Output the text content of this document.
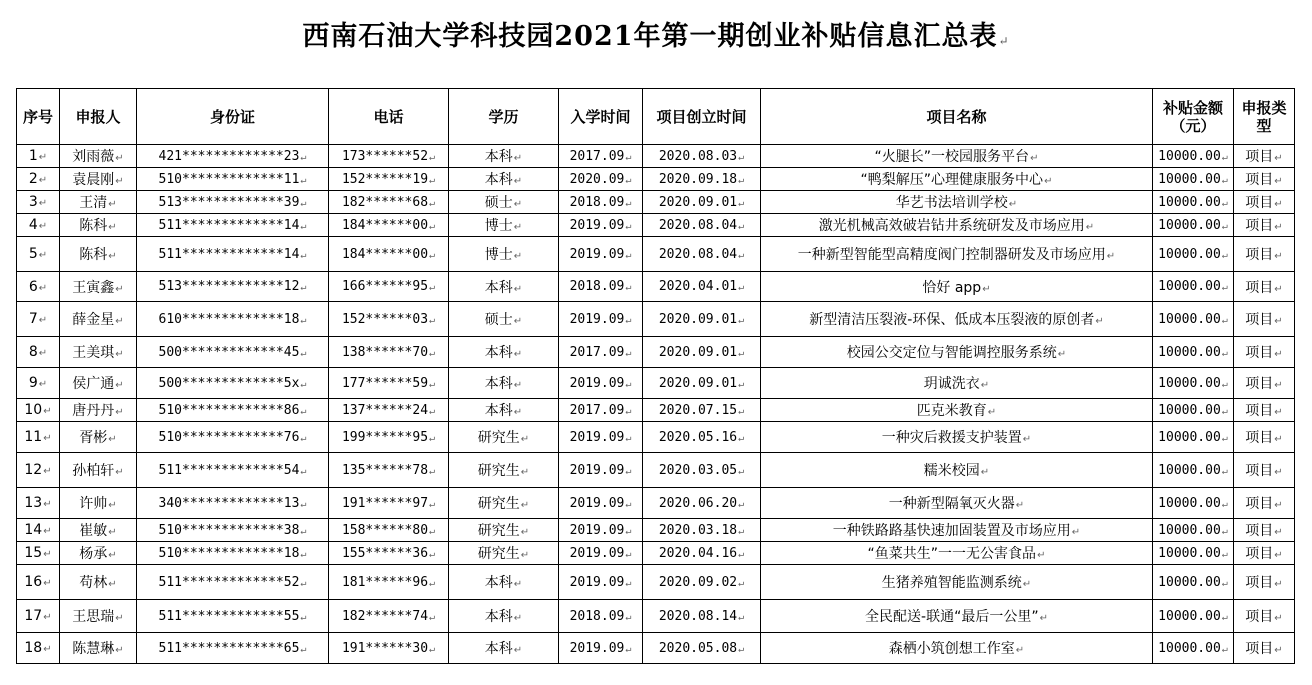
西南石油大学科技园2021年第一期创业补贴信息汇总表↵
序号	申报人	身份证	电话	学历	入学时间	项目创立时间	项目名称	补贴金额（元）	申报类型
1 ↵	刘雨薇 ↵	421*************23 ↵	173******52 ↵	本科 ↵	2017.09 ↵	2020.08.03 ↵	“火腿长”一校园服务平台 ↵	10000.00 ↵	项目 ↵
2 ↵	袁晨刚 ↵	510*************11 ↵	152******19 ↵	本科 ↵	2020.09 ↵	2020.09.18 ↵	“鸭梨解压”心理健康服务中心 ↵	10000.00 ↵	项目 ↵
3 ↵	王清 ↵	513*************39 ↵	182******68 ↵	硕士 ↵	2018.09 ↵	2020.09.01 ↵	华艺书法培训学校 ↵	10000.00 ↵	项目 ↵
4 ↵	陈科 ↵	511*************14 ↵	184******00 ↵	博士 ↵	2019.09 ↵	2020.08.04 ↵	激光机械高效破岩钻井系统研发及市场应用 ↵	10000.00 ↵	项目 ↵
5 ↵	陈科 ↵	511*************14 ↵	184******00 ↵	博士 ↵	2019.09 ↵	2020.08.04 ↵	一种新型智能型高精度阀门控制器研发及市场应用 ↵	10000.00 ↵	项目 ↵
6 ↵	王寅鑫 ↵	513*************12 ↵	166******95 ↵	本科 ↵	2018.09 ↵	2020.04.01 ↵	恰好 app ↵	10000.00 ↵	项目 ↵
7 ↵	薛金星 ↵	610*************18 ↵	152******03 ↵	硕士 ↵	2019.09 ↵	2020.09.01 ↵	新型清洁压裂液-环保、低成本压裂液的原创者 ↵	10000.00 ↵	项目 ↵
8 ↵	王美琪 ↵	500*************45 ↵	138******70 ↵	本科 ↵	2017.09 ↵	2020.09.01 ↵	校园公交定位与智能调控服务系统 ↵	10000.00 ↵	项目 ↵
9 ↵	侯广通 ↵	500*************5x ↵	177******59 ↵	本科 ↵	2019.09 ↵	2020.09.01 ↵	玥诚洗衣 ↵	10000.00 ↵	项目 ↵
10 ↵	唐丹丹 ↵	510*************86 ↵	137******24 ↵	本科 ↵	2017.09 ↵	2020.07.15 ↵	匹克米教育 ↵	10000.00 ↵	项目 ↵
11 ↵	胥彬 ↵	510*************76 ↵	199******95 ↵	研究生 ↵	2019.09 ↵	2020.05.16 ↵	一种灾后救援支护装置 ↵	10000.00 ↵	项目 ↵
12 ↵	孙柏轩 ↵	511*************54 ↵	135******78 ↵	研究生 ↵	2019.09 ↵	2020.03.05 ↵	糯米校园 ↵	10000.00 ↵	项目 ↵
13 ↵	许帅 ↵	340*************13 ↵	191******97 ↵	研究生 ↵	2019.09 ↵	2020.06.20 ↵	一种新型隔氧灭火器 ↵	10000.00 ↵	项目 ↵
14 ↵	崔敏 ↵	510*************38 ↵	158******80 ↵	研究生 ↵	2019.09 ↵	2020.03.18 ↵	一种铁路路基快速加固装置及市场应用 ↵	10000.00 ↵	项目 ↵
15 ↵	杨承 ↵	510*************18 ↵	155******36 ↵	研究生 ↵	2019.09 ↵	2020.04.16 ↵	“鱼菜共生”一一无公害食品 ↵	10000.00 ↵	项目 ↵
16 ↵	苟林 ↵	511*************52 ↵	181******96 ↵	本科 ↵	2019.09 ↵	2020.09.02 ↵	生猪养殖智能监测系统 ↵	10000.00 ↵	项目 ↵
17 ↵	王思瑞 ↵	511*************55 ↵	182******74 ↵	本科 ↵	2018.09 ↵	2020.08.14 ↵	全民配送-联通“最后一公里” ↵	10000.00 ↵	项目 ↵
18 ↵	陈慧琳 ↵	511*************65 ↵	191******30 ↵	本科 ↵	2019.09 ↵	2020.05.08 ↵	森栖小筑创想工作室 ↵	10000.00 ↵	项目 ↵
